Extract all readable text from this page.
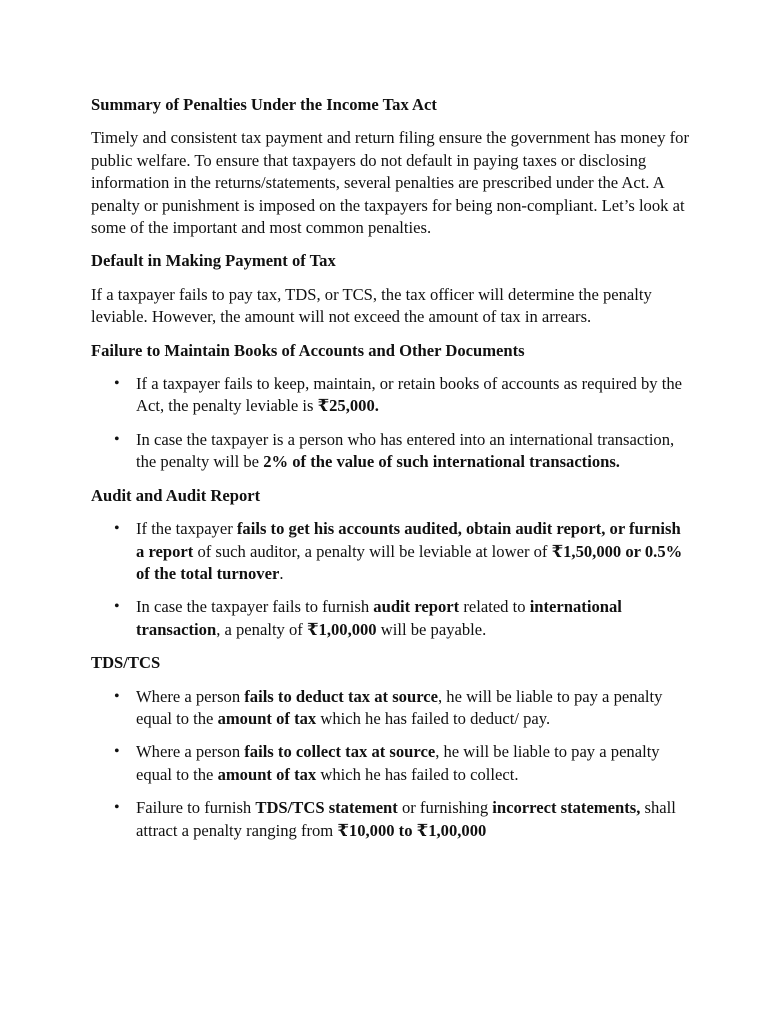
Summary of Penalties Under the Income Tax Act

Timely and consistent tax payment and return filing ensure the government has money for public welfare. To ensure that taxpayers do not default in paying taxes or disclosing information in the returns/statements, several penalties are prescribed under the Act. A penalty or punishment is imposed on the taxpayers for being non-compliant. Let’s look at some of the important and most common penalties.

Default in Making Payment of Tax

If a taxpayer fails to pay tax, TDS, or TCS, the tax officer will determine the penalty leviable. However, the amount will not exceed the amount of tax in arrears.

Failure to Maintain Books of Accounts and Other Documents
• If a taxpayer fails to keep, maintain, or retain books of accounts as required by the Act, the penalty leviable is ₹25,000.
• In case the taxpayer is a person who has entered into an international transaction, the penalty will be 2% of the value of such international transactions.
Audit and Audit Report
• If the taxpayer fails to get his accounts audited, obtain audit report, or furnish a report of such auditor, a penalty will be leviable at lower of ₹1,50,000 or 0.5% of the total turnover.
• In case the taxpayer fails to furnish audit report related to international transaction, a penalty of ₹1,00,000 will be payable.
TDS/TCS
• Where a person fails to deduct tax at source, he will be liable to pay a penalty equal to the amount of tax which he has failed to deduct/ pay.
• Where a person fails to collect tax at source, he will be liable to pay a penalty equal to the amount of tax which he has failed to collect.
• Failure to furnish TDS/TCS statement or furnishing incorrect statements, shall attract a penalty ranging from ₹10,000 to ₹1,00,000
